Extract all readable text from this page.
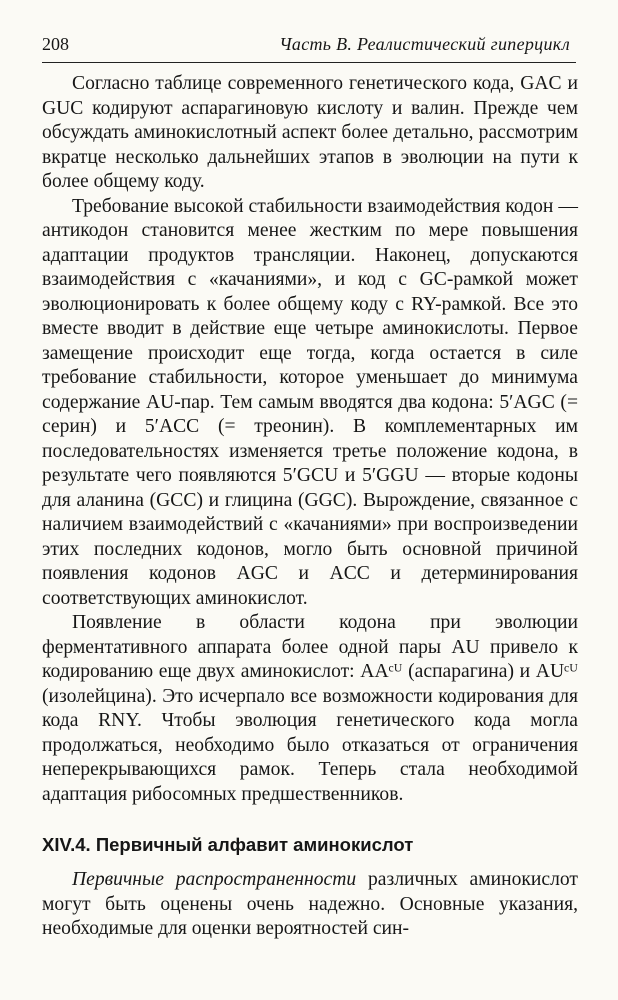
208	Часть В. Реалистический гиперцикл

Согласно таблице современного генетического кода, GAC и GUC кодируют аспарагиновую кислоту и валин. Прежде чем обсуждать аминокислотный аспект более детально, рассмотрим вкратце несколько дальнейших этапов в эволюции на пути к более общему коду.

Требование высокой стабильности взаимодействия кодон — антикодон становится менее жестким по мере повышения адаптации продуктов трансляции. Наконец, допускаются взаимодействия с «качаниями», и код с GC-рамкой может эволюционировать к более общему коду с RY-рамкой. Все это вместе вводит в действие еще четыре аминокислоты. Первое замещение происходит еще тогда, когда остается в силе требование стабильности, которое уменьшает до минимума содержание AU-пар. Тем самым вводятся два кодона: 5′AGC (= серин) и 5′ACC (= треонин). В комплементарных им последовательностях изменяется третье положение кодона, в результате чего появляются 5′GCU и 5′GGU — вторые кодоны для аланина (GCC) и глицина (GGC). Вырождение, связанное с наличием взаимодействий с «качаниями» при воспроизведении этих последних кодонов, могло быть основной причиной появления кодонов AGC и ACC и детерминирования соответствующих аминокислот.

Появление в области кодона при эволюции ферментативного аппарата более одной пары AU привело к кодированию еще двух аминокислот: AAᶜᵁ (аспарагина) и AUᶜᵁ (изолейцина). Это исчерпало все возможности кодирования для кода RNY. Чтобы эволюция генетического кода могла продолжаться, необходимо было отказаться от ограничения неперекрывающихся рамок. Теперь стала необходимой адаптация рибосомных предшественников.

XIV.4. Первичный алфавит аминокислот

Первичные распространенности различных аминокислот могут быть оценены очень надежно. Основные указания, необходимые для оценки вероятностей син-
